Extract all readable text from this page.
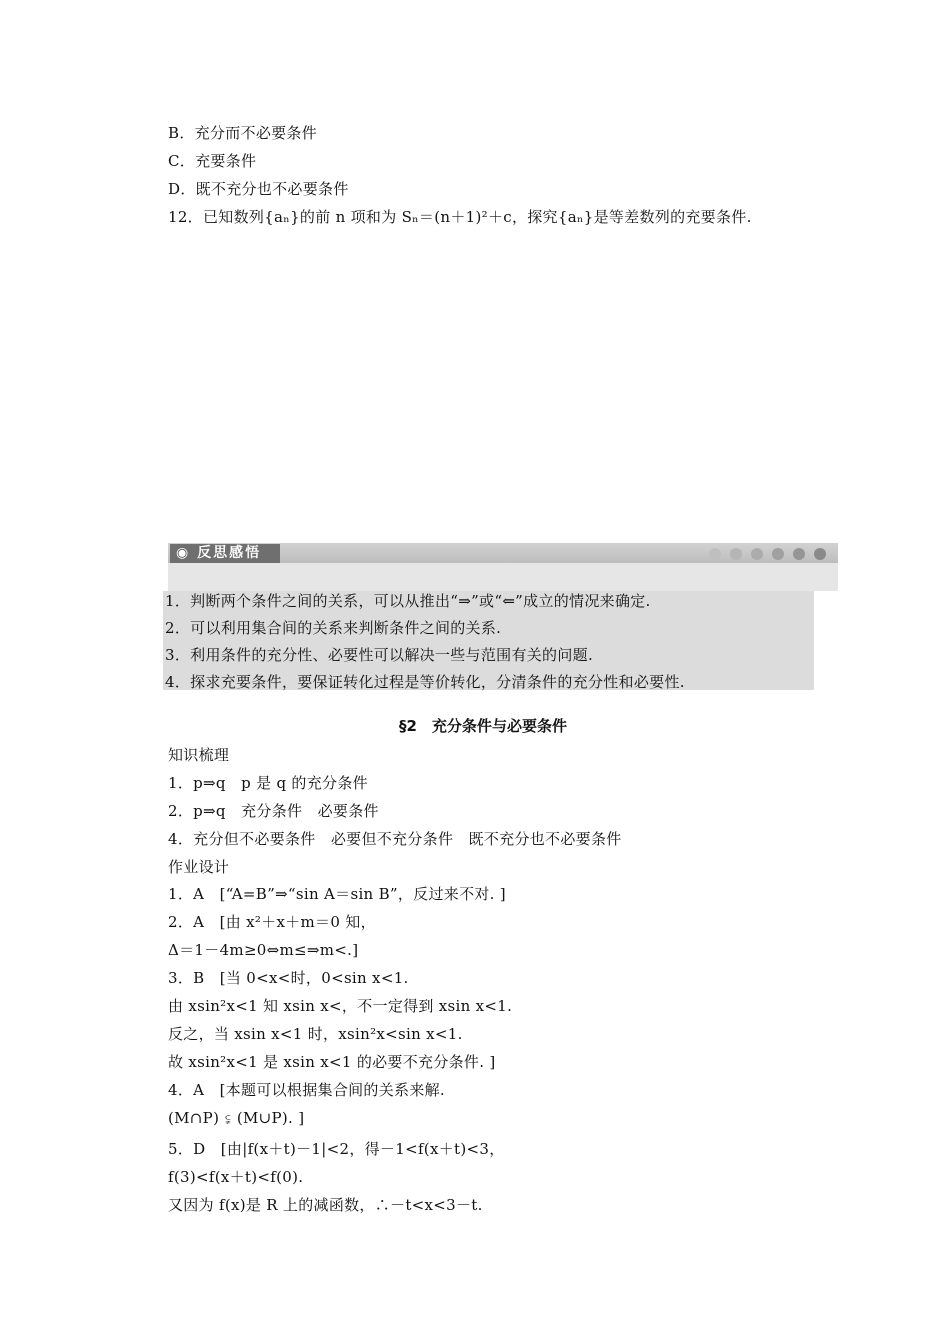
B．充分而不必要条件
C．充要条件
D．既不充分也不必要条件
12．已知数列{aₙ}的前 n 项和为 Sₙ＝(n＋1)²＋c，探究{aₙ}是等差数列的充要条件.
◉ 反思感悟
1．判断两个条件之间的关系，可以从推出“⇒”或“⇐”成立的情况来确定.
2．可以利用集合间的关系来判断条件之间的关系.
3．利用条件的充分性、必要性可以解决一些与范围有关的问题.
4．探求充要条件，要保证转化过程是等价转化，分清条件的充分性和必要性.
§2　充分条件与必要条件
知识梳理
1．p⇒q　p 是 q 的充分条件
2．p⇒q　充分条件　必要条件
4．充分但不必要条件　必要但不充分条件　既不充分也不必要条件
作业设计
1．A　[“A=B”⇒“sin A＝sin B”，反过来不对. ]
2．A　[由 x²＋x＋m＝0 知，
Δ＝1－4m≥0⇔m≤⇒m<.]
3．B　[当 0<x<时，0<sin x<1.
由 xsin²x<1 知 xsin x<，不一定得到 xsin x<1.
反之，当 xsin x<1 时，xsin²x<sin x<1.
故 xsin²x<1 是 xsin x<1 的必要不充分条件. ]
4．A　[本题可以根据集合间的关系来解.
(M∩P) ⫋ (M∪P). ]
5．D　[由|f(x＋t)－1|<2，得－1<f(x＋t)<3，
f(3)<f(x＋t)<f(0).
又因为 f(x)是 R 上的减函数，∴－t<x<3－t.
